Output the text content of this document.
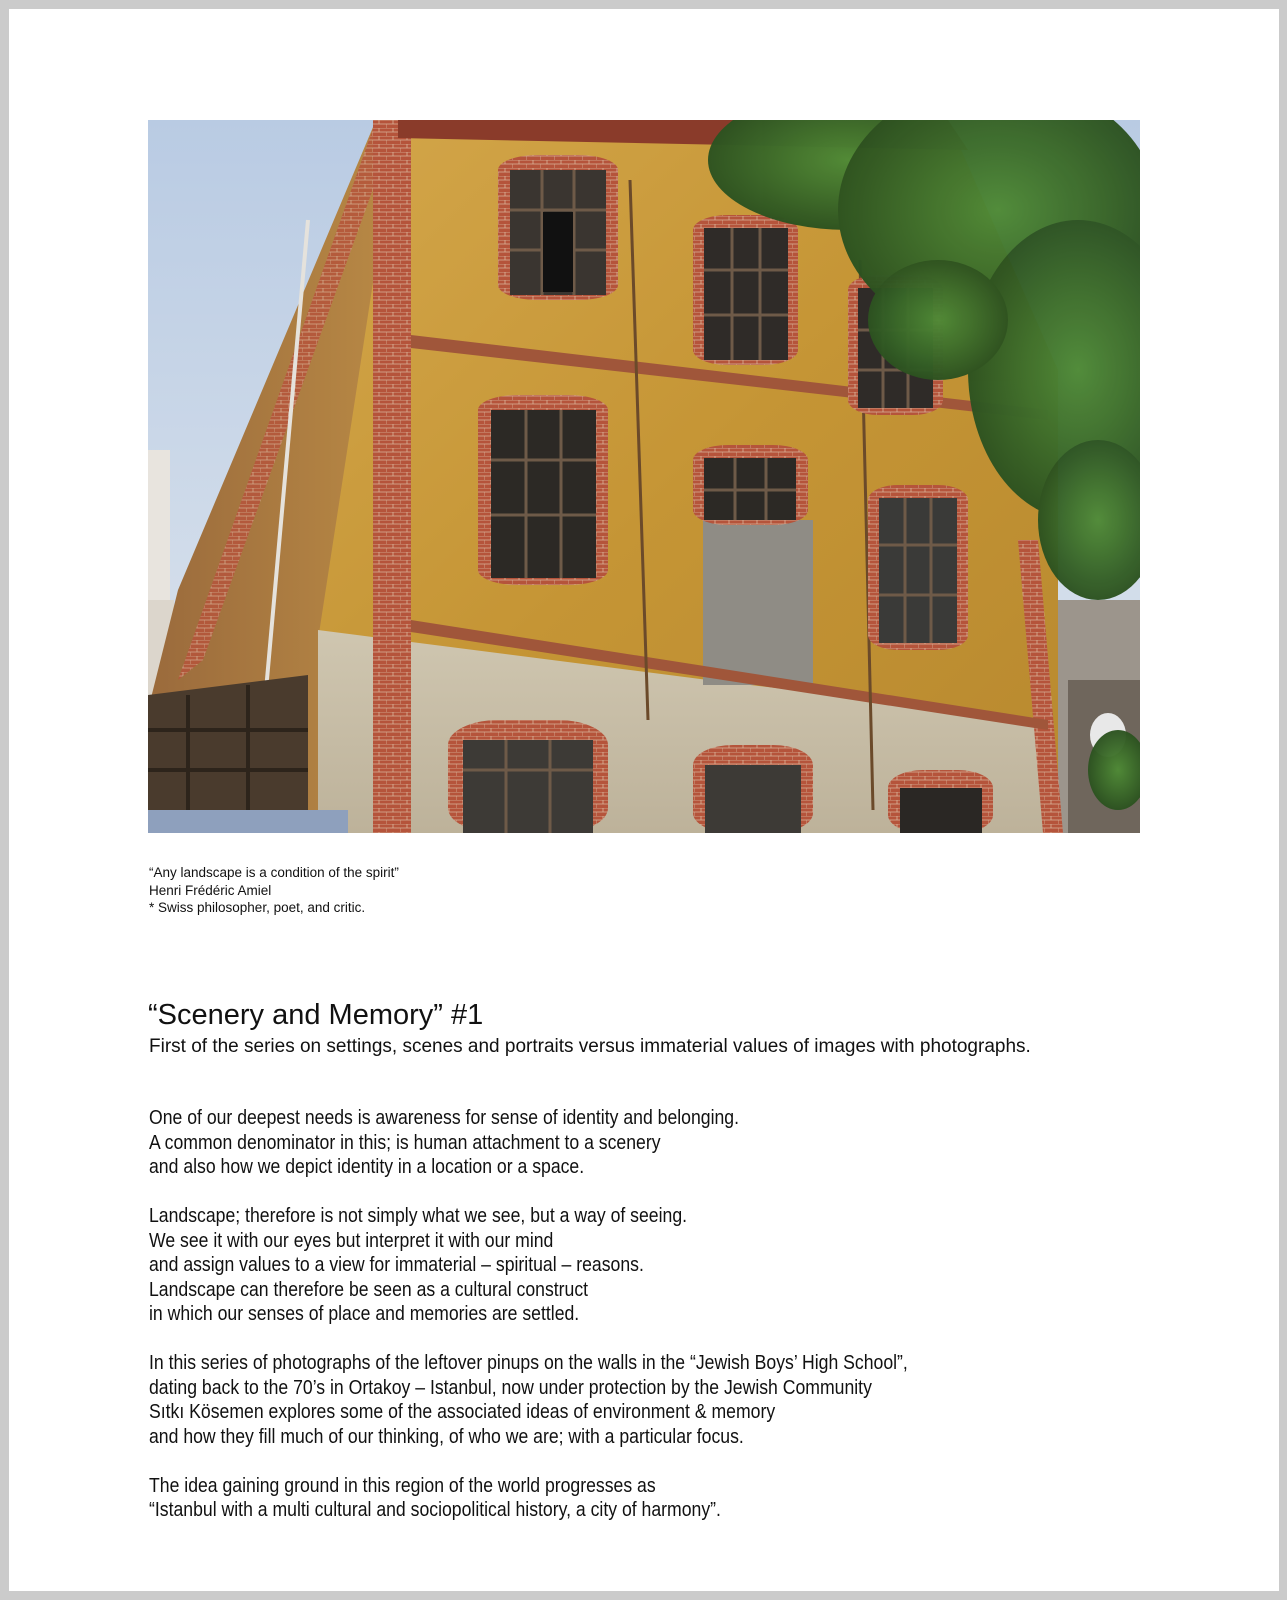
“Any landscape is a condition of the spirit”
Henri Frédéric Amiel
* Swiss philosopher, poet, and critic.
“Scenery and Memory” #1
First of the series on settings, scenes and portraits versus immaterial values of images with photographs.
One of our deepest needs is awareness for sense of identity and belonging.
A common denominator in this; is human attachment to a scenery
and also how we depict identity in a location or a space.
Landscape; therefore is not simply what we see, but a way of seeing.
We see it with our eyes but interpret it with our mind
and assign values to a view for immaterial – spiritual – reasons.
Landscape can therefore be seen as a cultural construct
in which our senses of place and memories are settled.
In this series of photographs of the leftover pinups on the walls in the “Jewish Boys’ High School”,
dating back to the 70’s in Ortakoy – Istanbul, now under protection by the Jewish Community
Sıtkı Kösemen explores some of the associated ideas of environment & memory
and how they fill much of our thinking, of who we are; with a particular focus.
The idea gaining ground in this region of the world progresses as
“Istanbul with a multi cultural and sociopolitical history, a city of harmony”.
